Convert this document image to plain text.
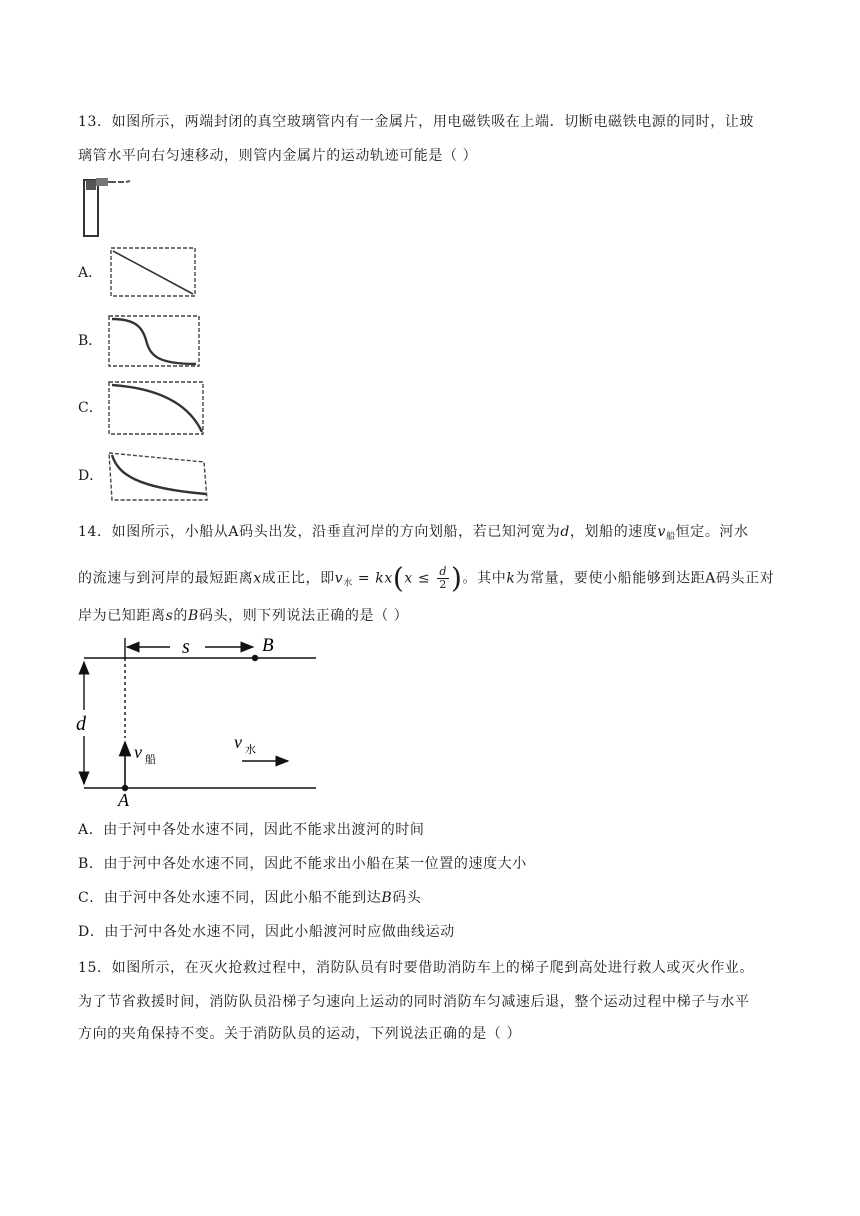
13．如图所示，两端封闭的真空玻璃管内有一金属片，用电磁铁吸在上端．切断电磁铁电源的同时，让玻
璃管水平向右匀速移动，则管内金属片的运动轨迹可能是（ ）
A．
B．
C．
D．
14．如图所示，小船从A码头出发，沿垂直河岸的方向划船，若已知河宽为d，划船的速度$v_船$恒定。河水
的流速与到河岸的最短距离x成正比，即$v_水 = kx(x \le \frac{d}{2}$ )。其中k为常量，要使小船能够到达距A码头正对
岸为已知距离s的B码头，则下列说法正确的是（ ）
s	B
d
A
v 船
v 水
A．由于河中各处水速不同，因此不能求出渡河的时间
B．由于河中各处水速不同，因此不能求出小船在某一位置的速度大小
C．由于河中各处水速不同，因此小船不能到达B码头
D．由于河中各处水速不同，因此小船渡河时应做曲线运动
15．如图所示，在灭火抢救过程中，消防队员有时要借助消防车上的梯子爬到高处进行救人或灭火作业。
为了节省救援时间，消防队员沿梯子匀速向上运动的同时消防车匀减速后退，整个运动过程中梯子与水平
方向的夹角保持不变。关于消防队员的运动，下列说法正确的是（ ）
